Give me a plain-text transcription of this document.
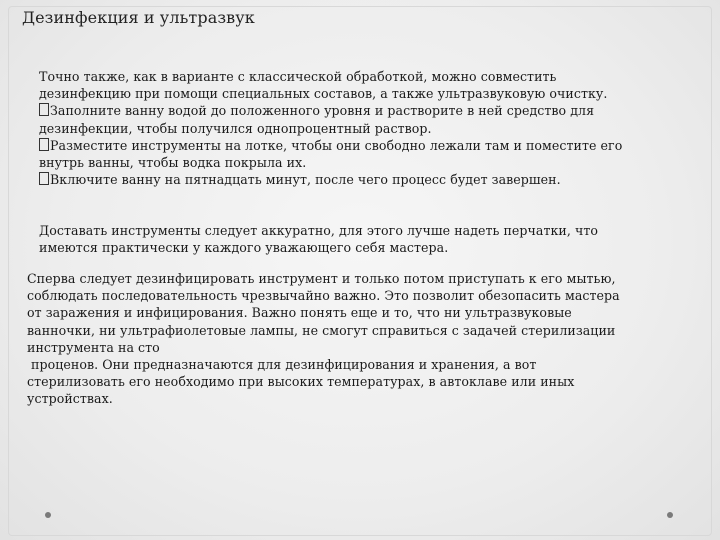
Дезинфекция и ультразвук

Точно также, как в варианте с классической обработкой, можно совместить

дезинфекцию при помощи специальных составов, а также ультразвуковую очистку.

Заполните ванну водой до положенного уровня и растворите в ней средство для

дезинфекции, чтобы получился однопроцентный раствор.

Разместите инструменты на лотке, чтобы они свободно лежали там и поместите его

внутрь ванны, чтобы водка покрыла их.

Включите ванну на пятнадцать минут, после чего процесс будет завершен.

Доставать инструменты следует аккуратно, для этого лучше надеть перчатки, что

имеются практически у каждого уважающего себя мастера.

Сперва следует дезинфицировать инструмент и только потом приступать к его мытью,

соблюдать последовательность чрезвычайно важно. Это позволит обезопасить мастера

от заражения и инфицирования. Важно понять еще и то, что ни ультразвуковые

ванночки, ни ультрафиолетовые лампы, не смогут справиться с задачей стерилизации

инструмента на сто

проценов. Они предназначаются для дезинфицирования и хранения, а вот

стерилизовать его необходимо при высоких температурах, в автоклаве или иных

устройствах.
